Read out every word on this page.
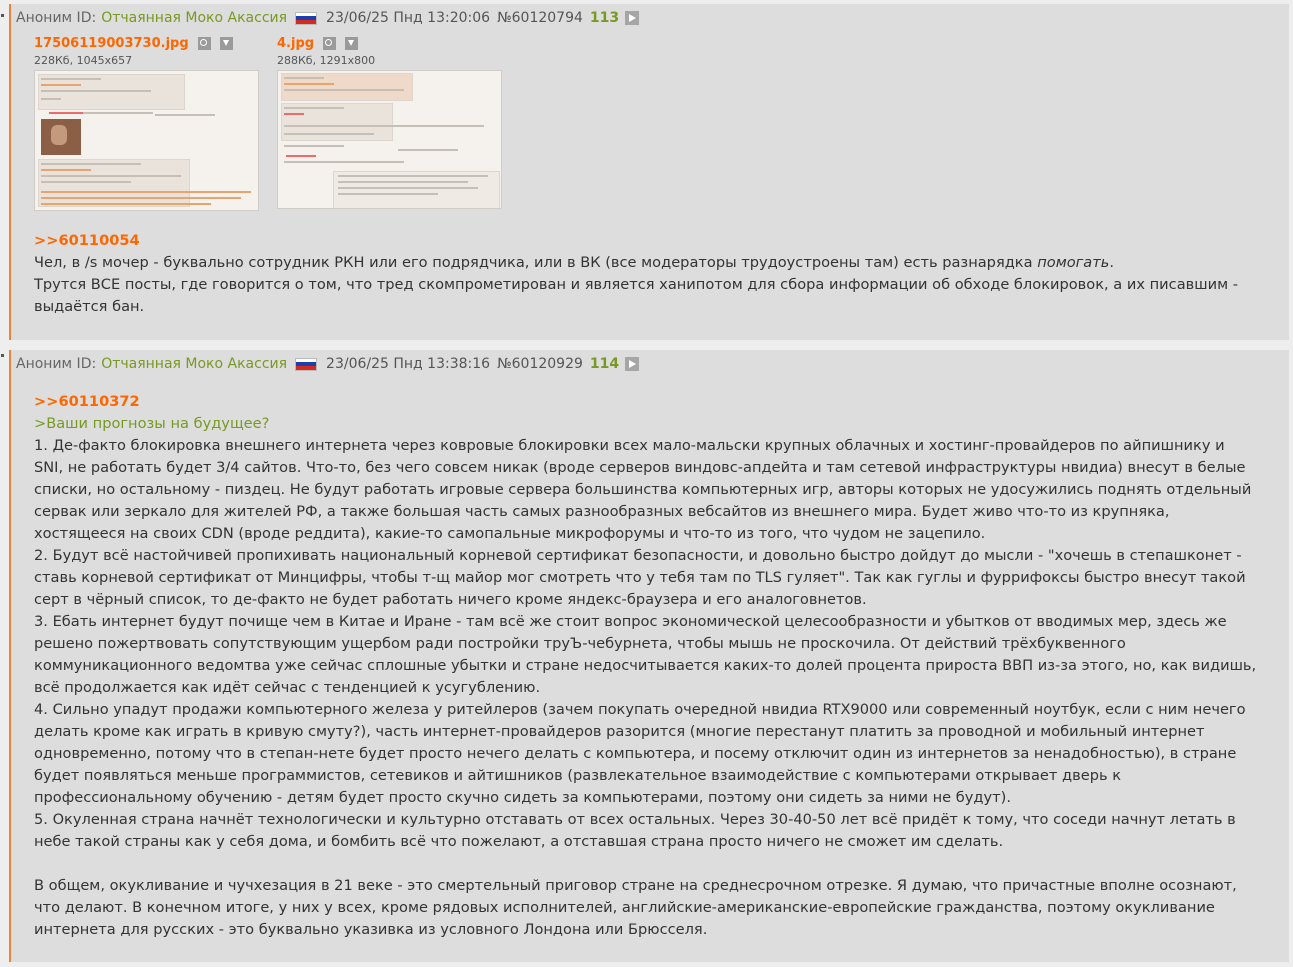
Аноним ID: Отчаянная Моко Акассия	23/06/25 Пнд 13:20:06 №60120794 113
17506119003730.jpg
228Кб, 1045x657
4.jpg
288Кб, 1291x800
>>60110054
Чел, в /s мочер - буквально сотрудник РКН или его подрядчика, или в ВК (все модераторы трудоустроены там) есть разнарядка помогать.
Трутся ВСЕ посты, где говорится о том, что тред скомпрометирован и является ханипотом для сбора информации об обходе блокировок, а их писавшим -
выдаётся бан.
Аноним ID: Отчаянная Моко Акассия	23/06/25 Пнд 13:38:16 №60120929 114
>>60110372
>Ваши прогнозы на будущее?
1. Де-факто блокировка внешнего интернета через ковровые блокировки всех мало-мальски крупных облачных и хостинг-провайдеров по айпишнику и
SNI, не работать будет 3/4 сайтов. Что-то, без чего совсем никак (вроде серверов виндовс-апдейта и там сетевой инфраструктуры нвидиа) внесут в белые
списки, но остальному - пиздец. Не будут работать игровые сервера большинства компьютерных игр, авторы которых не удосужились поднять отдельный
сервак или зеркало для жителей РФ, а также большая часть самых разнообразных вебсайтов из внешнего мира. Будет живо что-то из крупняка,
хостящееся на своих CDN (вроде реддита), какие-то самопальные микрофорумы и что-то из того, что чудом не зацепило.
2. Будут всё настойчивей пропихивать национальный корневой сертификат безопасности, и довольно быстро дойдут до мысли - "хочешь в степашконет -
ставь корневой сертификат от Минцифры, чтобы т-щ майор мог смотреть что у тебя там по TLS гуляет". Так как гуглы и фуррифоксы быстро внесут такой
серт в чёрный список, то де-факто не будет работать ничего кроме яндекс-браузера и его аналоговнетов.
3. Ебать интернет будут почище чем в Китае и Иране - там всё же стоит вопрос экономической целесообразности и убытков от вводимых мер, здесь же
решено пожертвовать сопутствующим ущербом ради постройки труЪ-чебурнета, чтобы мышь не проскочила. От действий трёхбуквенного
коммуникационного ведомтва уже сейчас сплошные убытки и стране недосчитывается каких-то долей процента прироста ВВП из-за этого, но, как видишь,
всё продолжается как идёт сейчас с тенденцией к усугублению.
4. Сильно упадут продажи компьютерного железа у ритейлеров (зачем покупать очередной нвидиа RTX9000 или современный ноутбук, если с ним нечего
делать кроме как играть в кривую смуту?), часть интернет-провайдеров разорится (многие перестанут платить за проводной и мобильный интернет
одновременно, потому что в степан-нете будет просто нечего делать с компьютера, и посему отключит один из интернетов за ненадобностью), в стране
будет появляться меньше программистов, сетевиков и айтишников (развлекательное взаимодействие с компьютерами открывает дверь к
профессиональному обучению - детям будет просто скучно сидеть за компьютерами, поэтому они сидеть за ними не будут).
5. Окуленная страна начнёт технологически и культурно отставать от всех остальных. Через 30-40-50 лет всё придёт к тому, что соседи начнут летать в
небе такой страны как у себя дома, и бомбить всё что пожелают, а отставшая страна просто ничего не сможет им сделать.
В общем, окукливание и чучхезация в 21 веке - это смертельный приговор стране на среднесрочном отрезке. Я думаю, что причастные вполне осознают,
что делают. В конечном итоге, у них у всех, кроме рядовых исполнителей, английские-американские-европейские гражданства, поэтому окукливание
интернета для русских - это буквально указивка из условного Лондона или Брюсселя.
